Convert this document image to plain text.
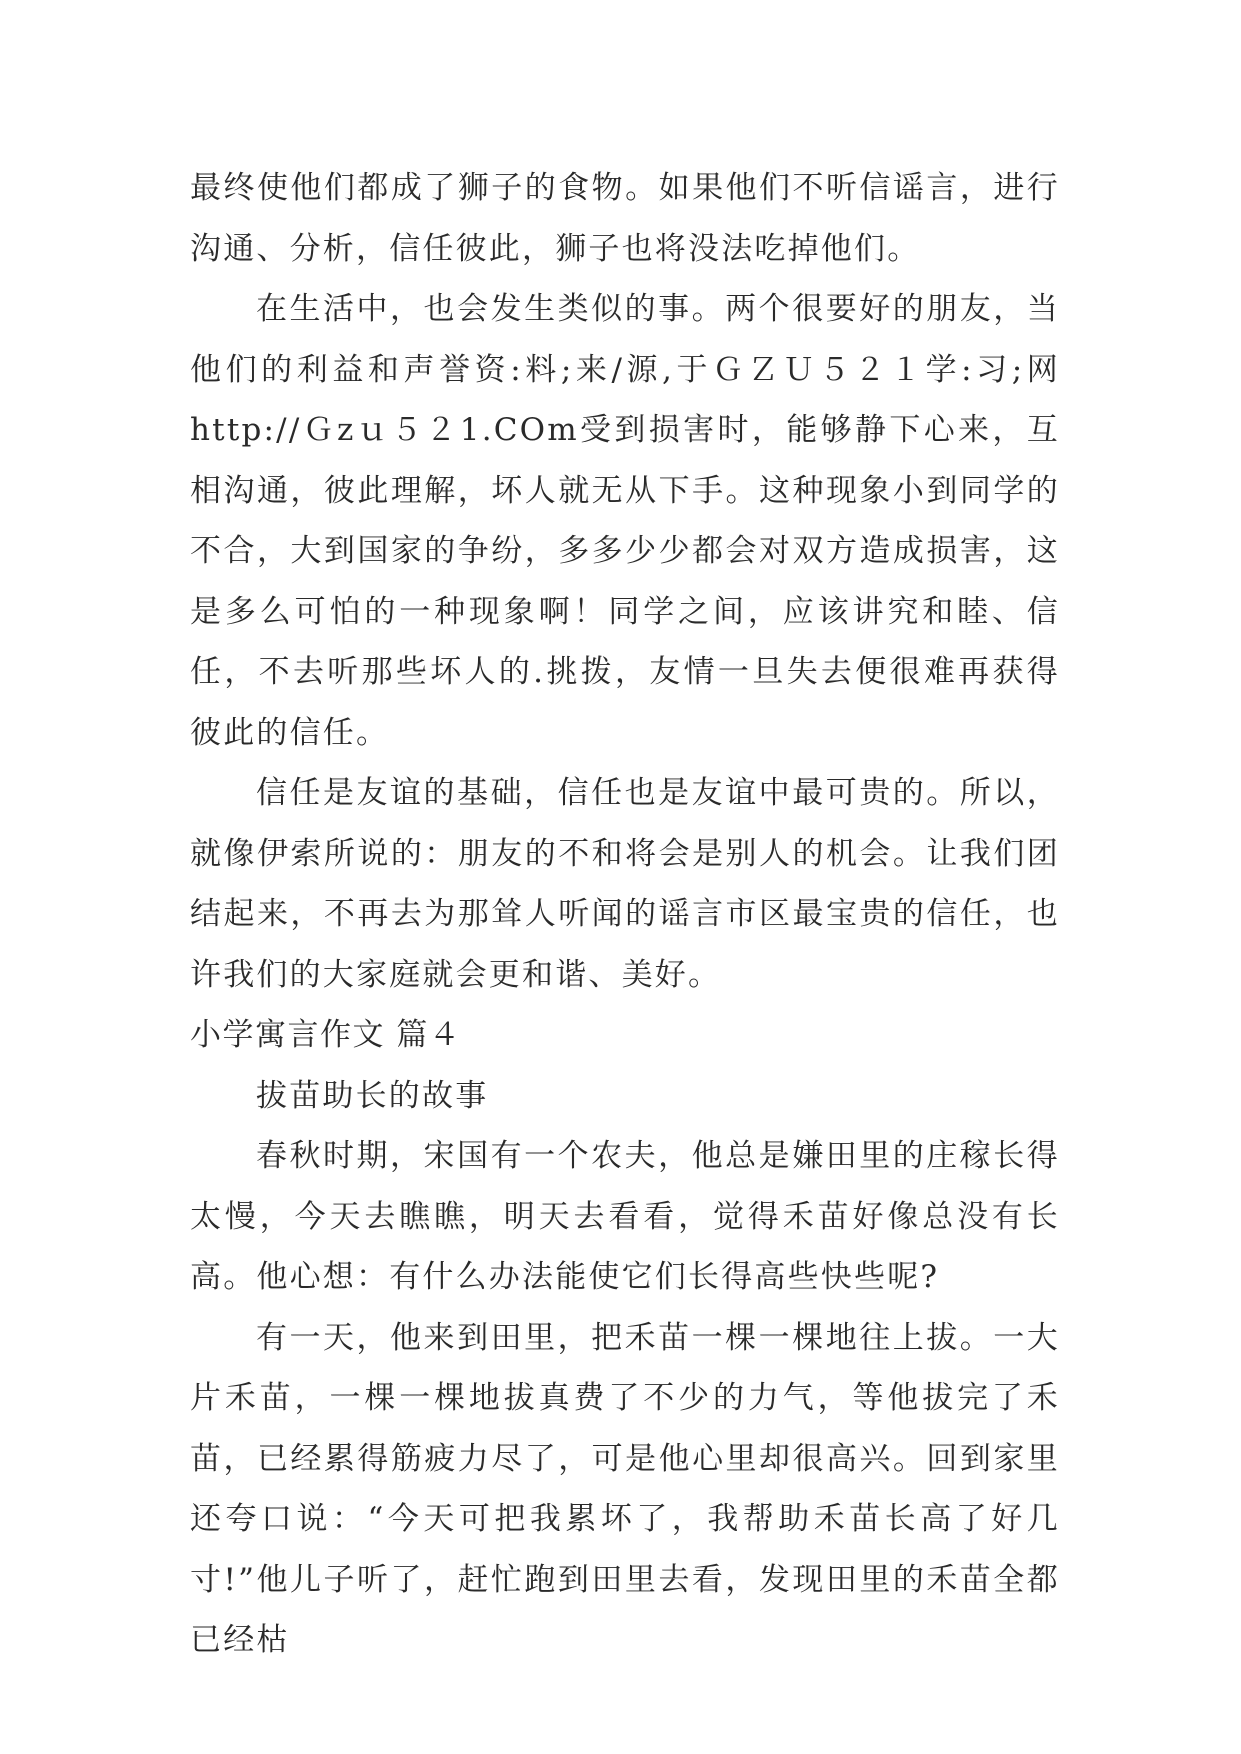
最终使他们都成了狮子的食物。如果他们不听信谣言，进行沟通、分析，信任彼此，狮子也将没法吃掉他们。

在生活中，也会发生类似的事。两个很要好的朋友，当他们的利益和声誉资:料;来/源,于ＧＺＵ５２１学:习;网http://Ｇzｕ５２1.COm受到损害时，能够静下心来，互相沟通，彼此理解，坏人就无从下手。这种现象小到同学的不合，大到国家的争纷，多多少少都会对双方造成损害，这是多么可怕的一种现象啊！同学之间，应该讲究和睦、信任，不去听那些坏人的.挑拨，友情一旦失去便很难再获得彼此的信任。

信任是友谊的基础，信任也是友谊中最可贵的。所以，就像伊索所说的：朋友的不和将会是别人的机会。让我们团结起来，不再去为那耸人听闻的谣言市区最宝贵的信任，也许我们的大家庭就会更和谐、美好。

小学寓言作文 篇４

拔苗助长的故事

春秋时期，宋国有一个农夫，他总是嫌田里的庄稼长得太慢，今天去瞧瞧，明天去看看，觉得禾苗好像总没有长高。他心想：有什么办法能使它们长得高些快些呢?

有一天，他来到田里，把禾苗一棵一棵地往上拔。一大片禾苗，一棵一棵地拔真费了不少的力气，等他拔完了禾苗，已经累得筋疲力尽了，可是他心里却很高兴。回到家里还夸口说：“今天可把我累坏了，我帮助禾苗长高了好几寸!”他儿子听了，赶忙跑到田里去看，发现田里的禾苗全都已经枯
